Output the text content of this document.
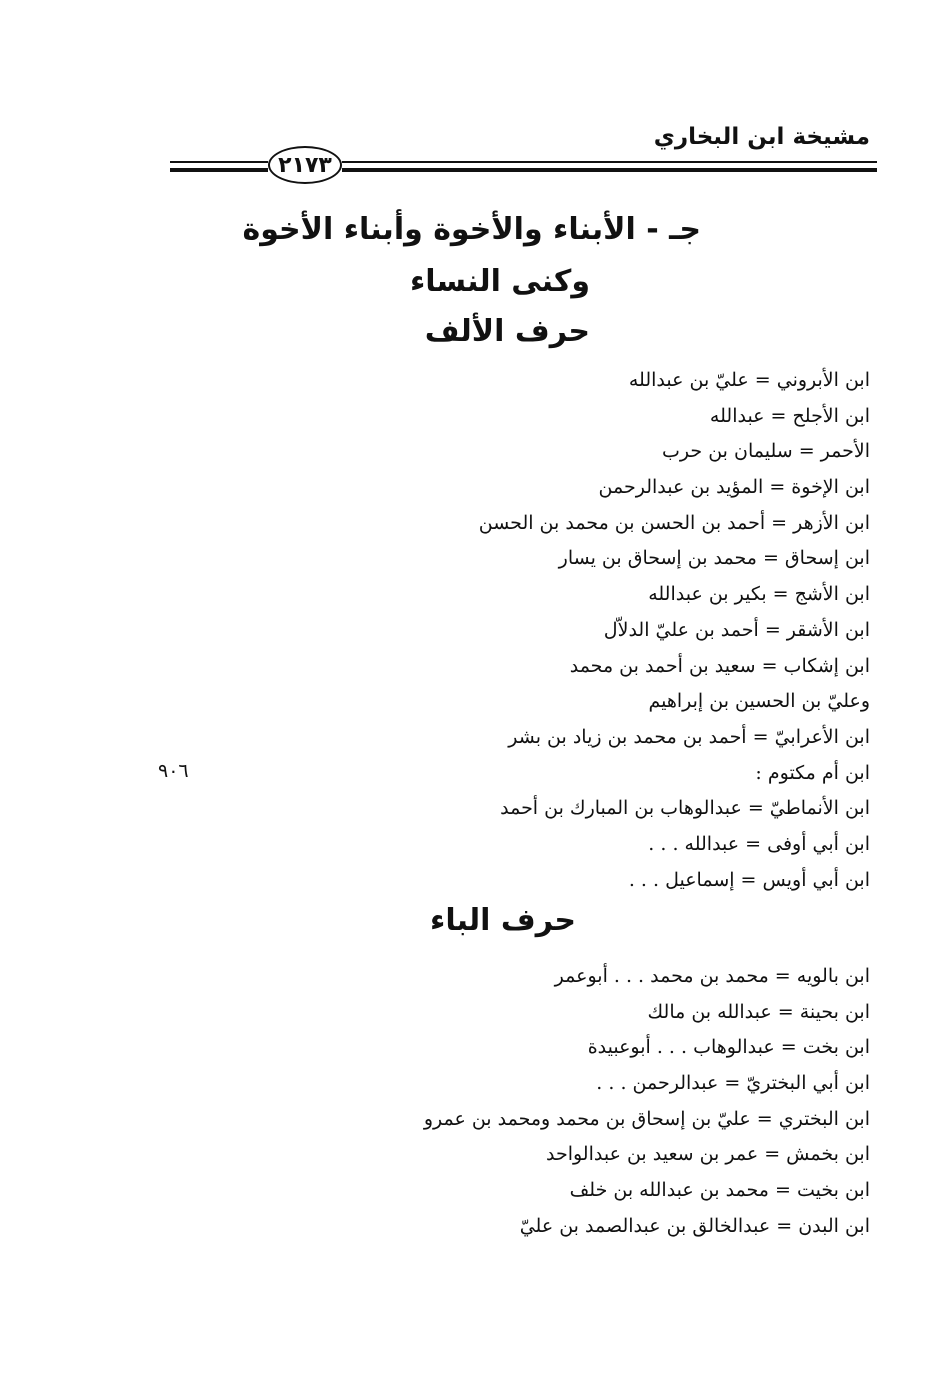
مشيخة ابن البخاري
٢١٧٣
جـ - الأبناء والأخوة وأبناء الأخوة
وكنى النساء
حرف الألف
ابن الأبروني = عليّ بن عبدالله
ابن الأجلح = عبدالله
الأحمر = سليمان بن حرب
ابن الإخوة = المؤيد بن عبدالرحمن
ابن الأزهر = أحمد بن الحسن بن محمد بن الحسن
ابن إسحاق = محمد بن إسحاق بن يسار
ابن الأشج = بكير بن عبدالله
ابن الأشقر = أحمد بن عليّ الدلاّل
ابن إشكاب = سعيد بن أحمد بن محمد
وعليّ بن الحسين بن إبراهيم
ابن الأعرابيّ = أحمد بن محمد بن زياد بن بشر
ابن أم مكتوم :
ابن الأنماطيّ = عبدالوهاب بن المبارك بن أحمد
ابن أبي أوفى = عبدالله . . .
ابن أبي أويس = إسماعيل . . .
٩٠٦
حرف الباء
ابن بالويه = محمد بن محمد . . . أبوعمر
ابن بحينة = عبدالله بن مالك
ابن بخت = عبدالوهاب . . . أبوعبيدة
ابن أبي البختريّ = عبدالرحمن . . .
ابن البختري = عليّ بن إسحاق بن محمد ومحمد بن عمرو
ابن بخمش = عمر بن سعيد بن عبدالواحد
ابن بخيت = محمد بن عبدالله بن خلف
ابن البدن = عبدالخالق بن عبدالصمد بن عليّ
